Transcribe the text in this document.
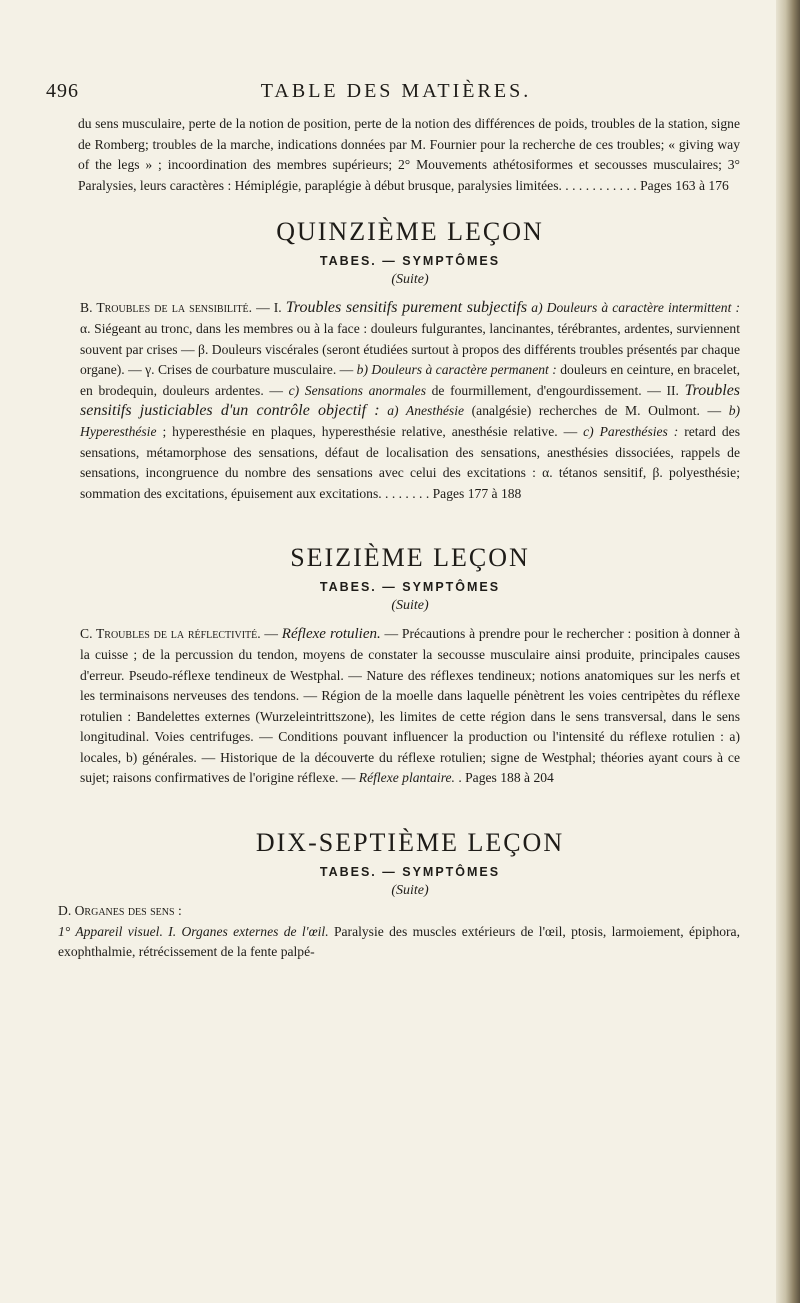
496	TABLE DES MATIÈRES.

du sens musculaire, perte de la notion de position, perte de la notion des différences de poids, troubles de la station, signe de Romberg; troubles de la marche, indications données par M. Fournier pour la recherche de ces troubles; « giving way of the legs » ; incoordination des membres supérieurs; 2° Mouvements athétosiformes et secousses musculaires; 3° Paralysies, leurs caractères : Hémiplégie, paraplégie à début brusque, paralysies limitées. . . . . . . . . . . . Pages 163 à 176

QUINZIÈME LEÇON

TABES. — SYMPTÔMES

(Suite)

B. Troubles de la sensibilité. — I. Troubles sensitifs purement subjectifs a) Douleurs à caractère intermittent : α. Siégeant au tronc, dans les membres ou à la face : douleurs fulgurantes, lancinantes, térébrantes, ardentes, surviennent souvent par crises — β. Douleurs viscérales (seront étudiées surtout à propos des différents troubles présentés par chaque organe). — γ. Crises de courbature musculaire. — b) Douleurs à caractère permanent : douleurs en ceinture, en bracelet, en brodequin, douleurs ardentes. — c) Sensations anormales de fourmillement, d'engourdissement. — II. Troubles sensitifs justiciables d'un contrôle objectif : a) Anesthésie (analgésie) recherches de M. Oulmont. — b) Hyperesthésie ; hyperesthésie en plaques, hyperesthésie relative, anesthésie relative. — c) Paresthésies : retard des sensations, métamorphose des sensations, défaut de localisation des sensations, anesthésies dissociées, rappels de sensations, incongruence du nombre des sensations avec celui des excitations : α. tétanos sensitif, β. polyesthésie; sommation des excitations, épuisement aux excitations. . . . . . . . Pages 177 à 188

SEIZIÈME LEÇON

TABES. — SYMPTÔMES

(Suite)

C. Troubles de la réflectivité. — Réflexe rotulien. — Précautions à prendre pour le rechercher : position à donner à la cuisse ; de la percussion du tendon, moyens de constater la secousse musculaire ainsi produite, principales causes d'erreur. Pseudo-réflexe tendineux de Westphal. — Nature des réflexes tendineux; notions anatomiques sur les nerfs et les terminaisons nerveuses des tendons. — Région de la moelle dans laquelle pénètrent les voies centripètes du réflexe rotulien : Bandelettes externes (Wurzeleintrittszone), les limites de cette région dans le sens transversal, dans le sens longitudinal. Voies centrifuges. — Conditions pouvant influencer la production ou l'intensité du réflexe rotulien : a) locales, b) générales. — Historique de la découverte du réflexe rotulien; signe de Westphal; théories ayant cours à ce sujet; raisons confirmatives de l'origine réflexe. — Réflexe plantaire. . Pages 188 à 204

DIX-SEPTIÈME LEÇON

TABES. — SYMPTÔMES

(Suite)

D. Organes des sens :

1° Appareil visuel. I. Organes externes de l'œil. Paralysie des muscles extérieurs de l'œil, ptosis, larmoiement, épiphora, exophthalmie, rétrécissement de la fente palpé-
